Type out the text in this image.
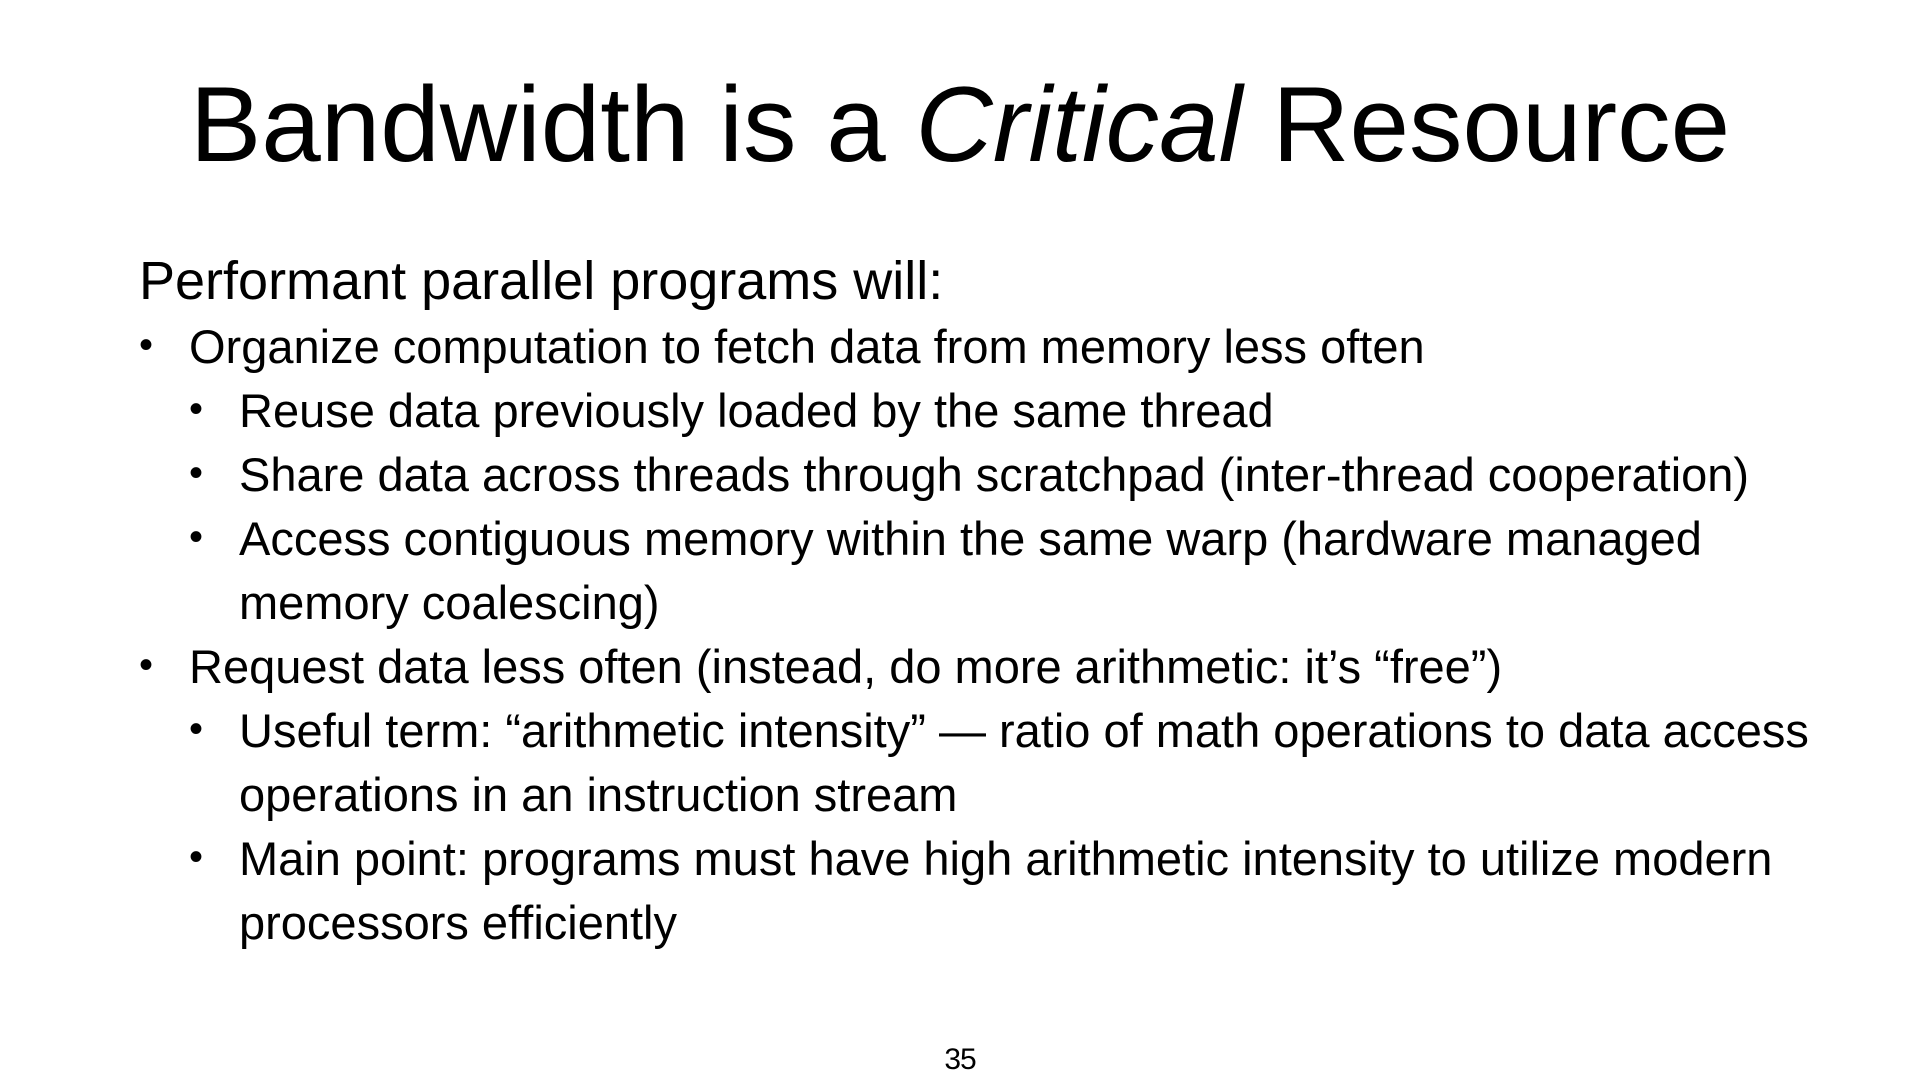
Bandwidth is a Critical Resource

Performant parallel programs will:

• Organize computation to fetch data from memory less often
• Reuse data previously loaded by the same thread
• Share data across threads through scratchpad (inter-thread cooperation)
• Access contiguous memory within the same warp (hardware managed memory coalescing)
• Request data less often (instead, do more arithmetic: it’s “free”)
• Useful term: “arithmetic intensity” — ratio of math operations to data access operations in an instruction stream
• Main point: programs must have high arithmetic intensity to utilize modern processors efficiently
35
